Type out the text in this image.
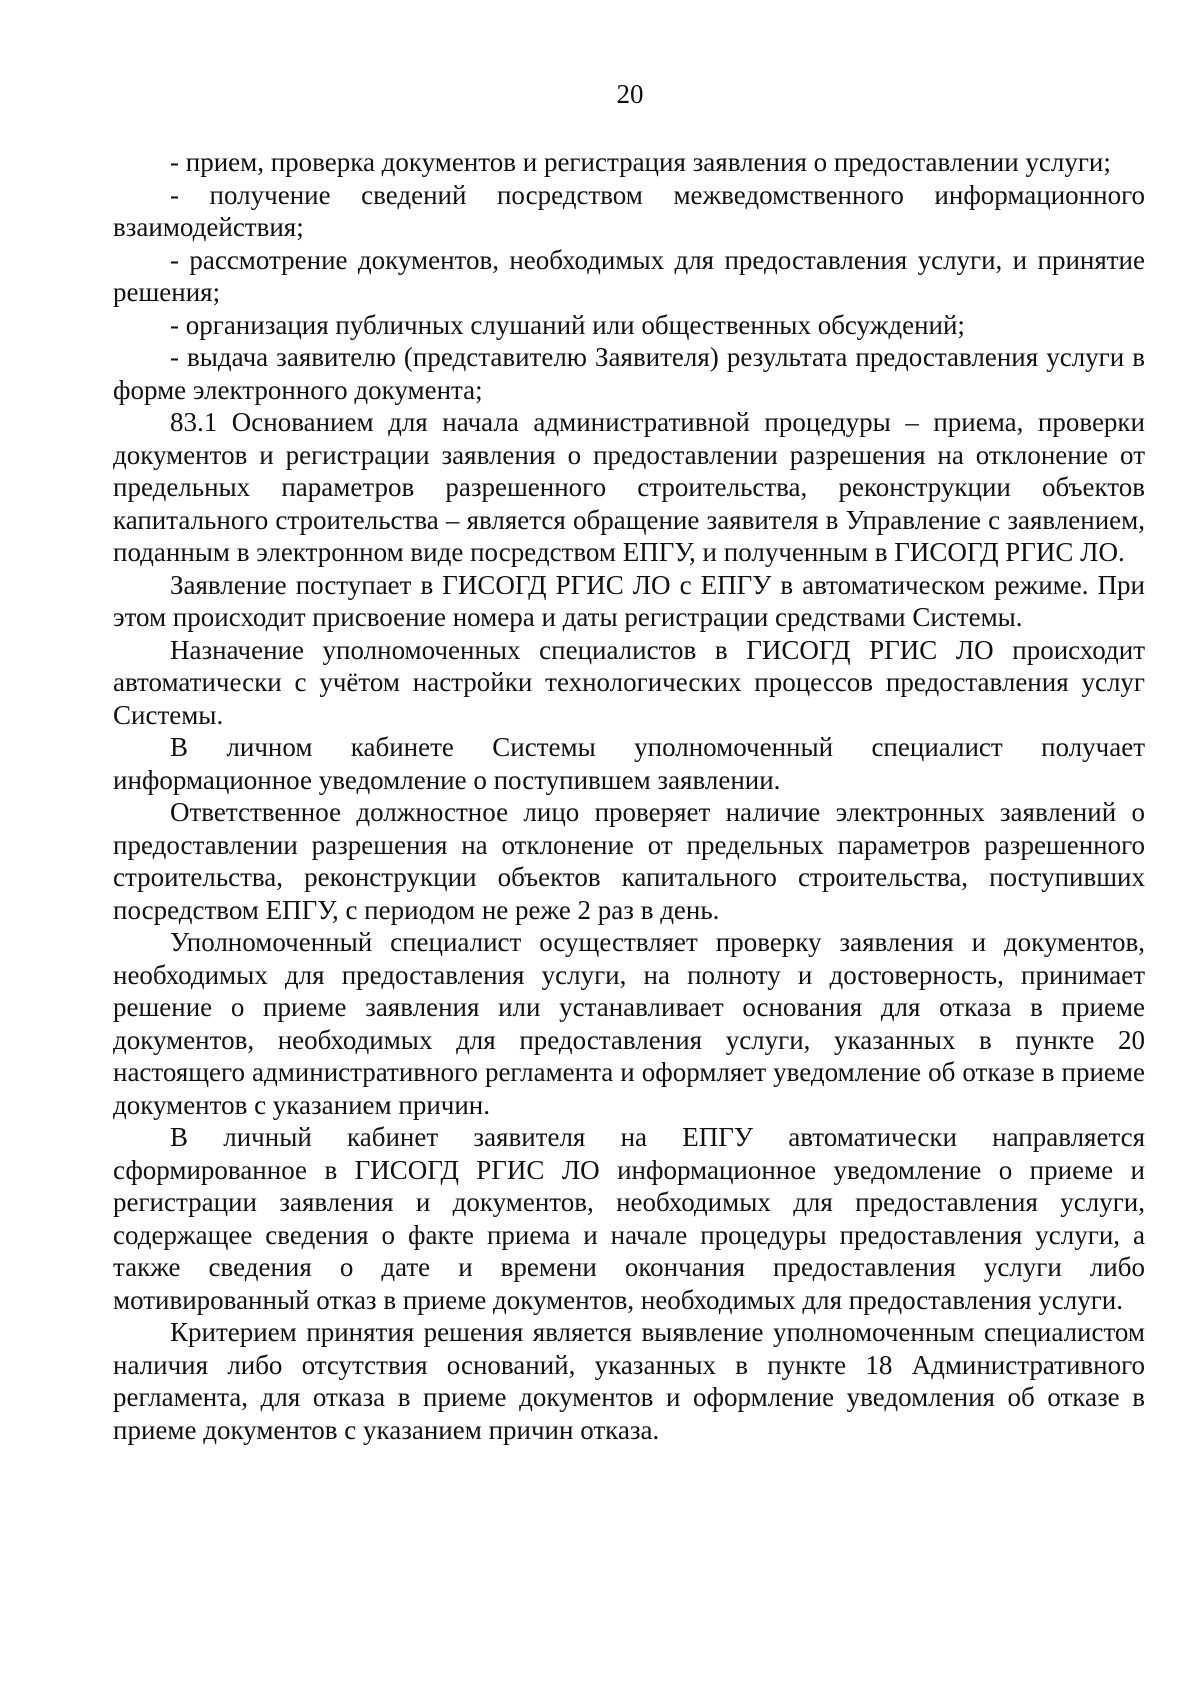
20

- прием, проверка документов и регистрация заявления о предоставлении услуги;

- получение сведений посредством межведомственного информационного взаимодействия;

- рассмотрение документов, необходимых для предоставления услуги, и принятие решения;

- организация публичных слушаний или общественных обсуждений;

- выдача заявителю (представителю Заявителя) результата предоставления услуги в форме электронного документа;

83.1 Основанием для начала административной процедуры – приема, проверки документов и регистрации заявления о предоставлении разрешения на отклонение от предельных параметров разрешенного строительства, реконструкции объектов капитального строительства – является обращение заявителя в Управление с заявлением, поданным в электронном виде посредством ЕПГУ, и полученным в ГИСОГД РГИС ЛО.

Заявление поступает в ГИСОГД РГИС ЛО с ЕПГУ в автоматическом режиме. При этом происходит присвоение номера и даты регистрации средствами Системы.

Назначение уполномоченных специалистов в ГИСОГД РГИС ЛО происходит автоматически с учётом настройки технологических процессов предоставления услуг Системы.

В личном кабинете Системы уполномоченный специалист получает информационное уведомление о поступившем заявлении.

Ответственное должностное лицо проверяет наличие электронных заявлений о предоставлении разрешения на отклонение от предельных параметров разрешенного строительства, реконструкции объектов капитального строительства, поступивших посредством ЕПГУ, с периодом не реже 2 раз в день.

Уполномоченный специалист осуществляет проверку заявления и документов, необходимых для предоставления услуги, на полноту и достоверность, принимает решение о приеме заявления или устанавливает основания для отказа в приеме документов, необходимых для предоставления услуги, указанных в пункте 20 настоящего административного регламента и оформляет уведомление об отказе в приеме документов с указанием причин.

В личный кабинет заявителя на ЕПГУ автоматически направляется сформированное в ГИСОГД РГИС ЛО информационное уведомление о приеме и регистрации заявления и документов, необходимых для предоставления услуги, содержащее сведения о факте приема и начале процедуры предоставления услуги, а также сведения о дате и времени окончания предоставления услуги либо мотивированный отказ в приеме документов, необходимых для предоставления услуги.

Критерием принятия решения является выявление уполномоченным специалистом наличия либо отсутствия оснований, указанных в пункте 18 Административного регламента, для отказа в приеме документов и оформление уведомления об отказе в приеме документов с указанием причин отказа.
